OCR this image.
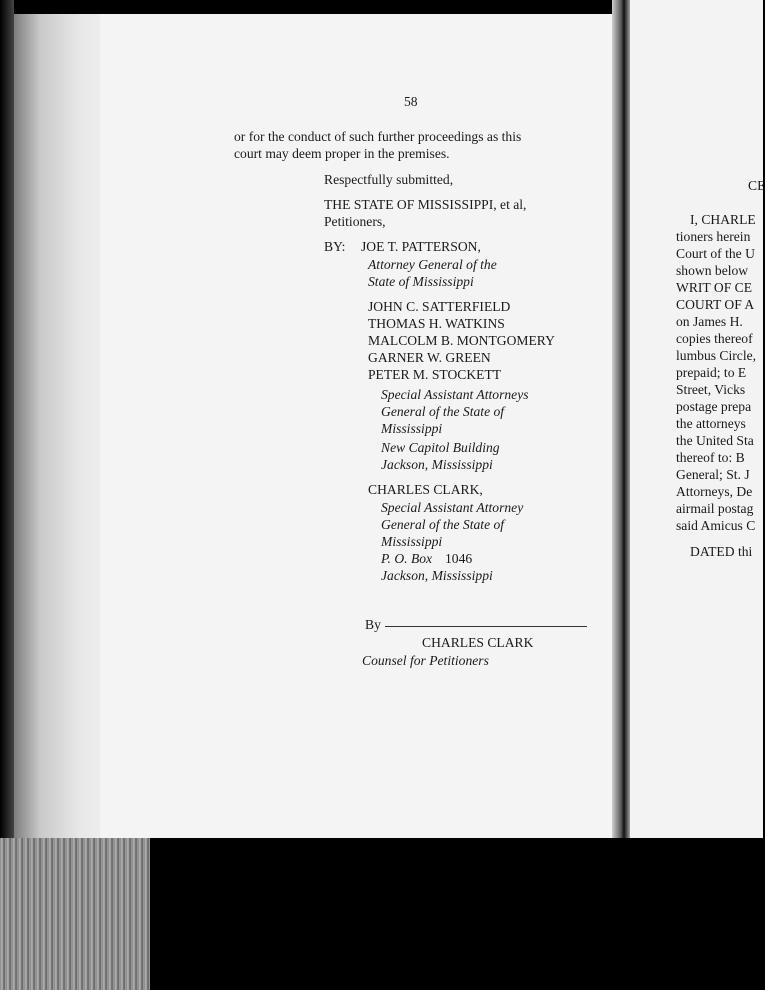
CE
I, CHARLE
tioners herein
Court of the U
shown below
WRIT OF CE
COURT OF A
on James H.
copies thereof
lumbus Circle,
prepaid; to E
Street, Vicks
postage prepa
the attorneys
the United Sta
thereof to: B
General; St. J
Attorneys, De
airmail postag
said Amicus C
DATED thi
58
or for the conduct of such further proceedings as this
court may deem proper in the premises.
Respectfully submitted,
THE STATE OF MISSISSIPPI, et al,
Petitioners,
BY: JOE T. PATTERSON,
Attorney General of the
State of Mississippi
JOHN C. SATTERFIELD
THOMAS H. WATKINS
MALCOLM B. MONTGOMERY
GARNER W. GREEN
PETER M. STOCKETT
Special Assistant Attorneys
General of the State of
Mississippi
New Capitol Building
Jackson, Mississippi
CHARLES CLARK,
Special Assistant Attorney
General of the State of
Mississippi
P. O. Box 1046
Jackson, Mississippi
By
CHARLES CLARK
Counsel for Petitioners
